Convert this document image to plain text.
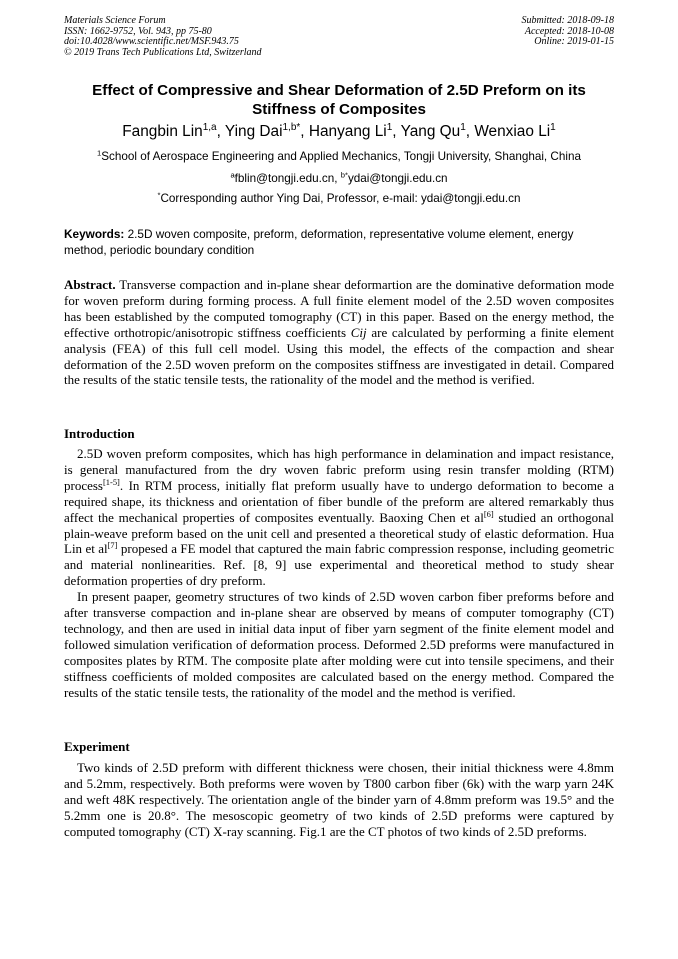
Materials Science Forum
ISSN: 1662-9752, Vol. 943, pp 75-80
doi:10.4028/www.scientific.net/MSF.943.75
© 2019 Trans Tech Publications Ltd, Switzerland
Submitted: 2018-09-18
Accepted: 2018-10-08
Online: 2019-01-15
Effect of Compressive and Shear Deformation of 2.5D Preform on its Stiffness of Composites
Fangbin Lin$^{1,a}$, Ying Dai$^{1,b*}$, Hanyang Li$^1$, Yang Qu$^1$, Wenxiao Li$^1$
$^1$School of Aerospace Engineering and Applied Mechanics, Tongji University, Shanghai, China
$^a$fblin@tongji.edu.cn, $^{b*}$ydai@tongji.edu.cn
*Corresponding author Ying Dai, Professor, e-mail: ydai@tongji.edu.cn
Keywords: 2.5D woven composite, preform, deformation, representative volume element, energy method, periodic boundary condition

Abstract. Transverse compaction and in-plane shear deformartion are the dominative deformation mode for woven preform during forming process. A full finite element model of the 2.5D woven composites has been established by the computed tomography (CT) in this paper. Based on the energy method, the effective orthotropic/anisotropic stiffness coefficients Cij are calculated by performing a finite element analysis (FEA) of this full cell model. Using this model, the effects of the compaction and shear deformation of the 2.5D woven preform on the composites stiffness are investigated in detail. Compared the results of the static tensile tests, the rationality of the model and the method is verified.

Introduction

2.5D woven preform composites, which has high performance in delamination and impact resistance, is general manufactured from the dry woven fabric preform using resin transfer molding (RTM) process[1-5]. In RTM process, initially flat preform usually have to undergo deformation to become a required shape, its thickness and orientation of fiber bundle of the preform are altered remarkably thus affect the mechanical properties of composites eventually. Baoxing Chen et al[6] studied an orthogonal plain-weave preform based on the unit cell and presented a theoretical study of elastic deformation. Hua Lin et al[7] propesed a FE model that captured the main fabric compression response, including geometric and material nonlinearities. Ref. [8, 9] use experimental and theoretical method to study shear deformation properties of dry preform.

In present paaper, geometry structures of two kinds of 2.5D woven carbon fiber preforms before and after transverse compaction and in-plane shear are observed by means of computer tomography (CT) technology, and then are used in initial data input of fiber yarn segment of the finite element model and followed simulation verification of deformation process. Deformed 2.5D preforms were manufactured in composites plates by RTM. The composite plate after molding were cut into tensile specimens, and their stiffness coefficients of molded composites are calculated based on the energy method. Compared the results of the static tensile tests, the rationality of the model and the method is verified.

Experiment

Two kinds of 2.5D preform with different thickness were chosen, their initial thickness were 4.8mm and 5.2mm, respectively. Both preforms were woven by T800 carbon fiber (6k) with the warp yarn 24K and weft 48K respectively. The orientation angle of the binder yarn of 4.8mm preform was 19.5° and the 5.2mm one is 20.8°. The mesoscopic geometry of two kinds of 2.5D preforms were captured by computed tomography (CT) X-ray scanning. Fig.1 are the CT photos of two kinds of 2.5D preforms.
